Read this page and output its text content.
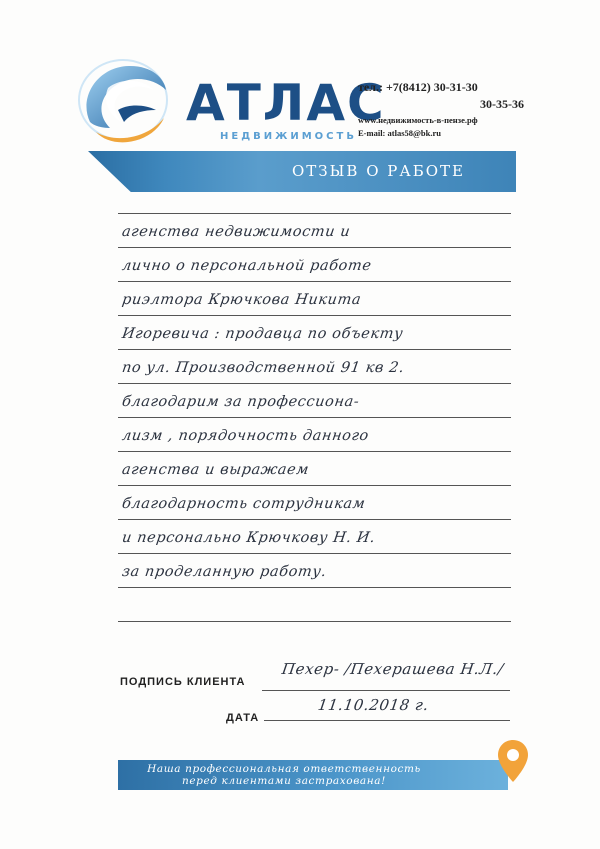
АТЛАС
НЕДВИЖИМОСТЬ
тел.: +7(8412) 30-31-30
30-35-36
www.недвижимость-в-пензе.рф
E-mail: atlas58@bk.ru
ОТЗЫВ О РАБОТЕ
агенства недвижимости и
лично о персональной работе
риэлтора Крючкова Никита
Игоревича : продавца по объекту
по ул. Производственной 91 кв 2.
благодарим за профессиона-
лизм , порядочность данного
агенства и выражаем
благодарность сотрудникам
и персонально Крючкову Н. И.
за проделанную работу.
ПОДПИСЬ КЛИЕНТА
Пехер- /Пехерашева Н.Л./
ДАТА
11.10.2018 г.
Наша профессиональная ответственность
перед клиентами застрахована!
